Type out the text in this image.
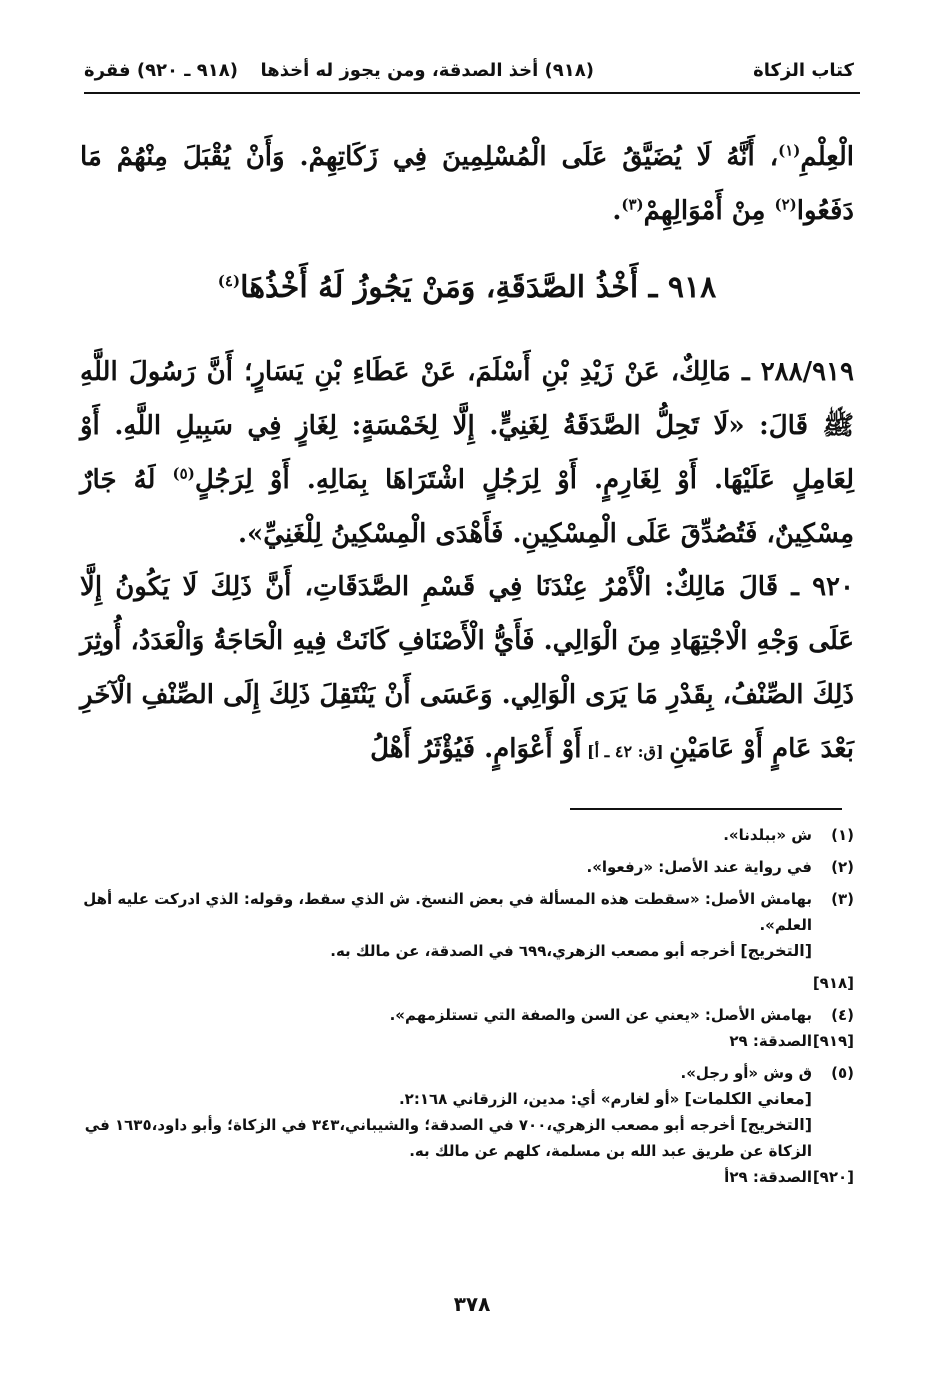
كتاب الزكاة
(٩١٨) أخذ الصدقة، ومن يجوز له أخذها
(٩١٨ ـ ٩٢٠) فقرة
الْعِلْمِ$^{(١)}$، أَنَّهُ لَا يُضَيَّقُ عَلَى الْمُسْلِمِينَ فِي زَكَاتِهِمْ. وَأَنْ يُقْبَلَ مِنْهُمْ مَا دَفَعُوا$^{(٢)}$ مِنْ أَمْوَالِهِمْ$^{(٣)}$.
٩١٨ ـ أَخْذُ الصَّدَقَةِ، وَمَنْ يَجُوزُ لَهُ أَخْذُهَا$^{(٤)}$
٢٨٨/٩١٩ ـ مَالِكٌ، عَنْ زَيْدِ بْنِ أَسْلَمَ، عَنْ عَطَاءِ بْنِ يَسَارٍ؛ أَنَّ رَسُولَ اللَّهِ ﷺ قَالَ: «لَا تَحِلُّ الصَّدَقَةُ لِغَنِيٍّ. إِلَّا لِخَمْسَةٍ: لِغَازٍ فِي سَبِيلِ اللَّهِ. أَوْ لِعَامِلٍ عَلَيْهَا. أَوْ لِغَارِمٍ. أَوْ لِرَجُلٍ اشْتَرَاهَا بِمَالِهِ. أَوْ لِرَجُلٍ$^{(٥)}$ لَهُ جَارٌ مِسْكِينٌ، فَتُصُدِّقَ عَلَى الْمِسْكِينِ. فَأَهْدَى الْمِسْكِينُ لِلْغَنِيِّ».
٩٢٠ ـ قَالَ مَالِكٌ: الْأَمْرُ عِنْدَنَا فِي قَسْمِ الصَّدَقَاتِ، أَنَّ ذَلِكَ لَا يَكُونُ إِلَّا عَلَى وَجْهِ الْاجْتِهَادِ مِنَ الْوَالِي. فَأَيُّ الْأَصْنَافِ كَانَتْ فِيهِ الْحَاجَةُ وَالْعَدَدُ، أُوثِرَ ذَلِكَ الصِّنْفُ، بِقَدْرِ مَا يَرَى الْوَالِي. وَعَسَى أَنْ يَنْتَقِلَ ذَلِكَ إِلَى الصِّنْفِ الْآخَرِ بَعْدَ عَامٍ أَوْ عَامَيْنِ [ق: ٤٢ ـ أ] أَوْ أَعْوَامٍ. فَيُؤْثَرُ أَهْلُ
(١)
ش «ببلدنا».
(٢)
في رواية عند الأصل: «رفعوا».
(٣)
بهامش الأصل: «سقطت هذه المسألة في بعض النسخ. ش الذي سقط، وقوله: الذي ادركت عليه أهل العلم».
[التخريج] أخرجه أبو مصعب الزهري،٦٩٩ في الصدقة، عن مالك به.
[٩١٨]
(٤)
بهامش الأصل: «يعني عن السن والصفة التي تستلزمهم».
[٩١٩]
الصدقة: ٢٩
(٥)
ق وش «أو رجل».
[معاني الكلمات] «أو لغارم» أي: مدين، الزرقاني ٢:١٦٨.
[التخريج] أخرجه أبو مصعب الزهري،٧٠٠ في الصدقة؛ والشيباني،٣٤٣ في الزكاة؛ وأبو داود،١٦٣٥ في الزكاة عن طريق عبد الله بن مسلمة، كلهم عن مالك به.
[٩٢٠]
الصدقة: ٢٩أ
٣٧٨
